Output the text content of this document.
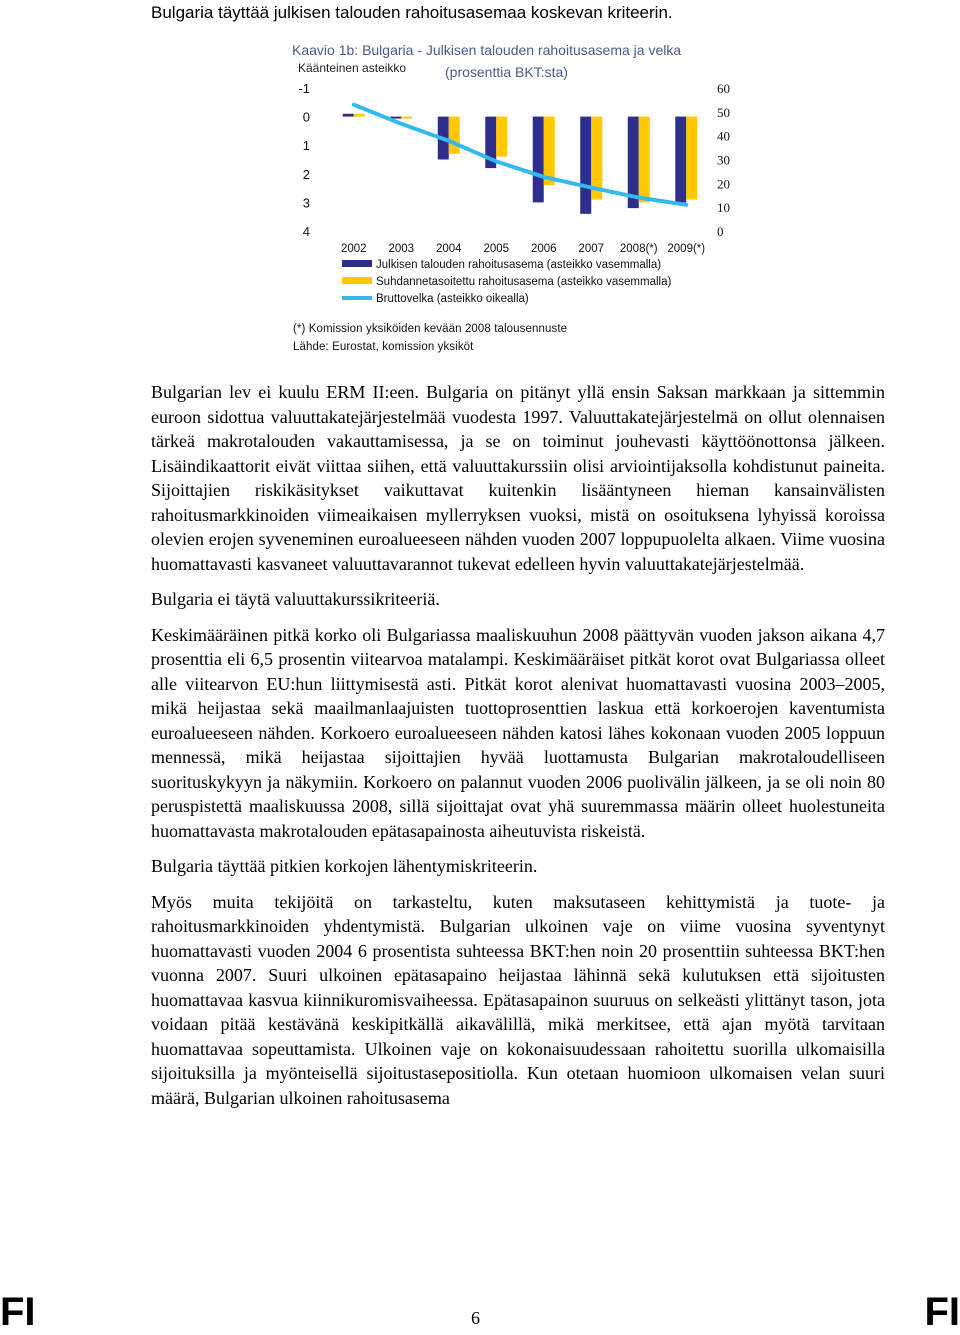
Bulgaria täyttää julkisen talouden rahoitusasemaa koskevan kriteerin.
Kaavio 1b: Bulgaria - Julkisen talouden rahoitusasema ja velka
Käänteinen asteikko	(prosenttia BKT:sta)
-1
0
1
2
3
4
60
50
40
30
20
10
0
2002 2003 2004 2005 2006 2007 2008(*) 2009(*)
Julkisen talouden rahoitusasema (asteikko vasemmalla)
Suhdannetasoitettu rahoitusasema (asteikko vasemmalla)
Bruttovelka (asteikko oikealla)
(*) Komission yksiköiden kevään 2008 talousennuste
Lähde: Eurostat, komission yksiköt

Bulgarian lev ei kuulu ERM II:een. Bulgaria on pitänyt yllä ensin Saksan markkaan ja sittemmin euroon sidottua valuuttakatejärjestelmää vuodesta 1997. Valuuttakatejärjestelmä on ollut olennaisen tärkeä makrotalouden vakauttamisessa, ja se on toiminut jouhevasti käyttöönottonsa jälkeen. Lisäindikaattorit eivät viittaa siihen, että valuuttakurssiin olisi arviointijaksolla kohdistunut paineita. Sijoittajien riskikäsitykset vaikuttavat kuitenkin lisääntyneen hieman kansainvälisten rahoitusmarkkinoiden viimeaikaisen myllerryksen vuoksi, mistä on osoituksena lyhyissä koroissa olevien erojen syveneminen euroalueeseen nähden vuoden 2007 loppupuolelta alkaen. Viime vuosina huomattavasti kasvaneet valuuttavarannot tukevat edelleen hyvin valuuttakatejärjestelmää.

Bulgaria ei täytä valuuttakurssikriteeriä.

Keskimääräinen pitkä korko oli Bulgariassa maaliskuuhun 2008 päättyvän vuoden jakson aikana 4,7 prosenttia eli 6,5 prosentin viitearvoa matalampi. Keskimääräiset pitkät korot ovat Bulgariassa olleet alle viitearvon EU:hun liittymisestä asti. Pitkät korot alenivat huomattavasti vuosina 2003–2005, mikä heijastaa sekä maailmanlaajuisten tuottoprosenttien laskua että korkoerojen kaventumista euroalueeseen nähden. Korkoero euroalueeseen nähden katosi lähes kokonaan vuoden 2005 loppuun mennessä, mikä heijastaa sijoittajien hyvää luottamusta Bulgarian makrotaloudelliseen suorituskykyyn ja näkymiin. Korkoero on palannut vuoden 2006 puolivälin jälkeen, ja se oli noin 80 peruspistettä maaliskuussa 2008, sillä sijoittajat ovat yhä suuremmassa määrin olleet huolestuneita huomattavasta makrotalouden epätasapainosta aiheutuvista riskeistä.

Bulgaria täyttää pitkien korkojen lähentymiskriteerin.

Myös muita tekijöitä on tarkasteltu, kuten maksutaseen kehittymistä ja tuote- ja rahoitusmarkkinoiden yhdentymistä. Bulgarian ulkoinen vaje on viime vuosina syventynyt huomattavasti vuoden 2004 6 prosentista suhteessa BKT:hen noin 20 prosenttiin suhteessa BKT:hen vuonna 2007. Suuri ulkoinen epätasapaino heijastaa lähinnä sekä kulutuksen että sijoitusten huomattavaa kasvua kiinnikuromisvaiheessa. Epätasapainon suuruus on selkeästi ylittänyt tason, jota voidaan pitää kestävänä keskipitkällä aikavälillä, mikä merkitsee, että ajan myötä tarvitaan huomattavaa sopeuttamista. Ulkoinen vaje on kokonaisuudessaan rahoitettu suorilla ulkomaisilla sijoituksilla ja myönteisellä sijoitustasepositiolla. Kun otetaan huomioon ulkomaisen velan suuri määrä, Bulgarian ulkoinen rahoitusasema

FI	6	FI
